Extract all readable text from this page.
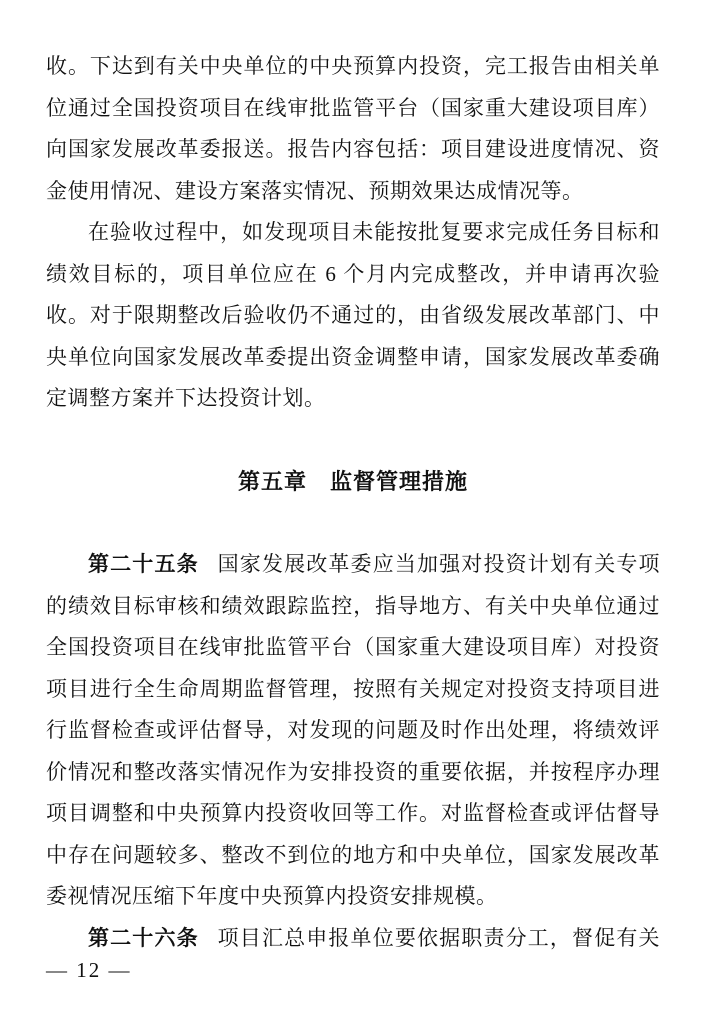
收。下达到有关中央单位的中央预算内投资，完工报告由相关单
位通过全国投资项目在线审批监管平台（国家重大建设项目库）
向国家发展改革委报送。报告内容包括：项目建设进度情况、资
金使用情况、建设方案落实情况、预期效果达成情况等。
在验收过程中，如发现项目未能按批复要求完成任务目标和
绩效目标的，项目单位应在 6 个月内完成整改，并申请再次验
收。对于限期整改后验收仍不通过的，由省级发展改革部门、中
央单位向国家发展改革委提出资金调整申请，国家发展改革委确
定调整方案并下达投资计划。
第五章　监督管理措施
第二十五条 国家发展改革委应当加强对投资计划有关专项
的绩效目标审核和绩效跟踪监控，指导地方、有关中央单位通过
全国投资项目在线审批监管平台（国家重大建设项目库）对投资
项目进行全生命周期监督管理，按照有关规定对投资支持项目进
行监督检查或评估督导，对发现的问题及时作出处理，将绩效评
价情况和整改落实情况作为安排投资的重要依据，并按程序办理
项目调整和中央预算内投资收回等工作。对监督检查或评估督导
中存在问题较多、整改不到位的地方和中央单位，国家发展改革
委视情况压缩下年度中央预算内投资安排规模。
第二十六条 项目汇总申报单位要依据职责分工，督促有关
— 12 —
